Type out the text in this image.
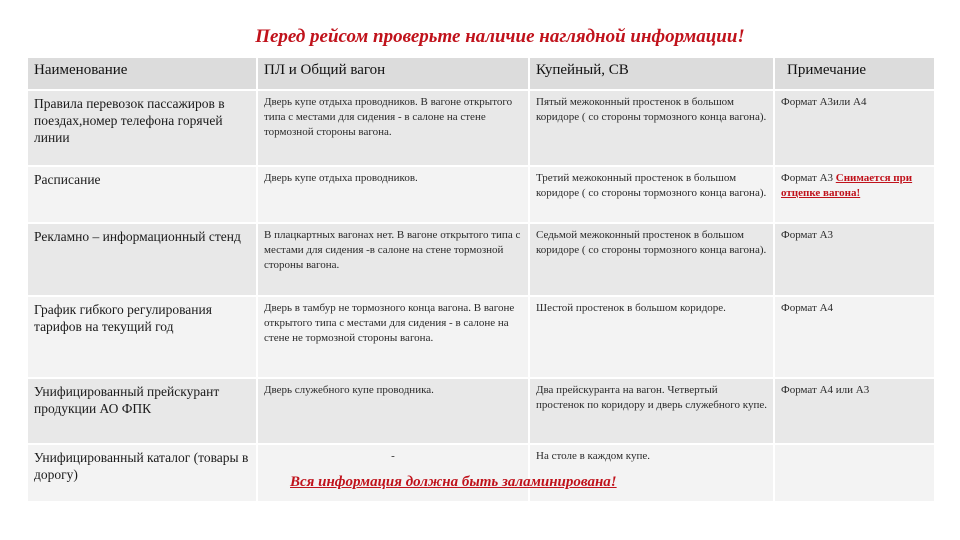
Перед рейсом проверьте наличие наглядной информации!
Наименование	ПЛ и Общий вагон	Купейный, СВ	Примечание
Правила перевозок пассажиров в поездах,номер телефона горячей линии	Дверь купе отдыха проводников. В вагоне открытого типа с местами для сидения - в салоне на стене тормозной стороны вагона.	Пятый межоконный простенок в большом коридоре ( со стороны тормозного конца вагона).	Формат А3или А4
Расписание	Дверь купе отдыха проводников.	Третий межоконный простенок в большом коридоре ( со стороны тормозного конца вагона).	Формат А3 Снимается при отцепке вагона!
Рекламно – информационный стенд	В плацкартных вагонах нет. В вагоне открытого типа с местами для сидения -в салоне на стене тормозной стороны вагона.	Седьмой межоконный простенок в большом коридоре ( со стороны тормозного конца вагона).	Формат А3
График гибкого регулирования тарифов на текущий год	Дверь в тамбур не тормозного конца вагона. В вагоне открытого типа с местами для сидения - в салоне на стене не тормозной стороны вагона.	Шестой простенок в большом коридоре.	Формат А4
Унифицированный прейскурант продукции АО ФПК	Дверь служебного купе проводника.	Два прейскуранта на вагон. Четвертый простенок по коридору и дверь служебного купе.	Формат А4 или А3
Унифицированный каталог (товары в дорогу)	-	На столе в каждом купе.	
Вся информация должна быть заламинирована!
